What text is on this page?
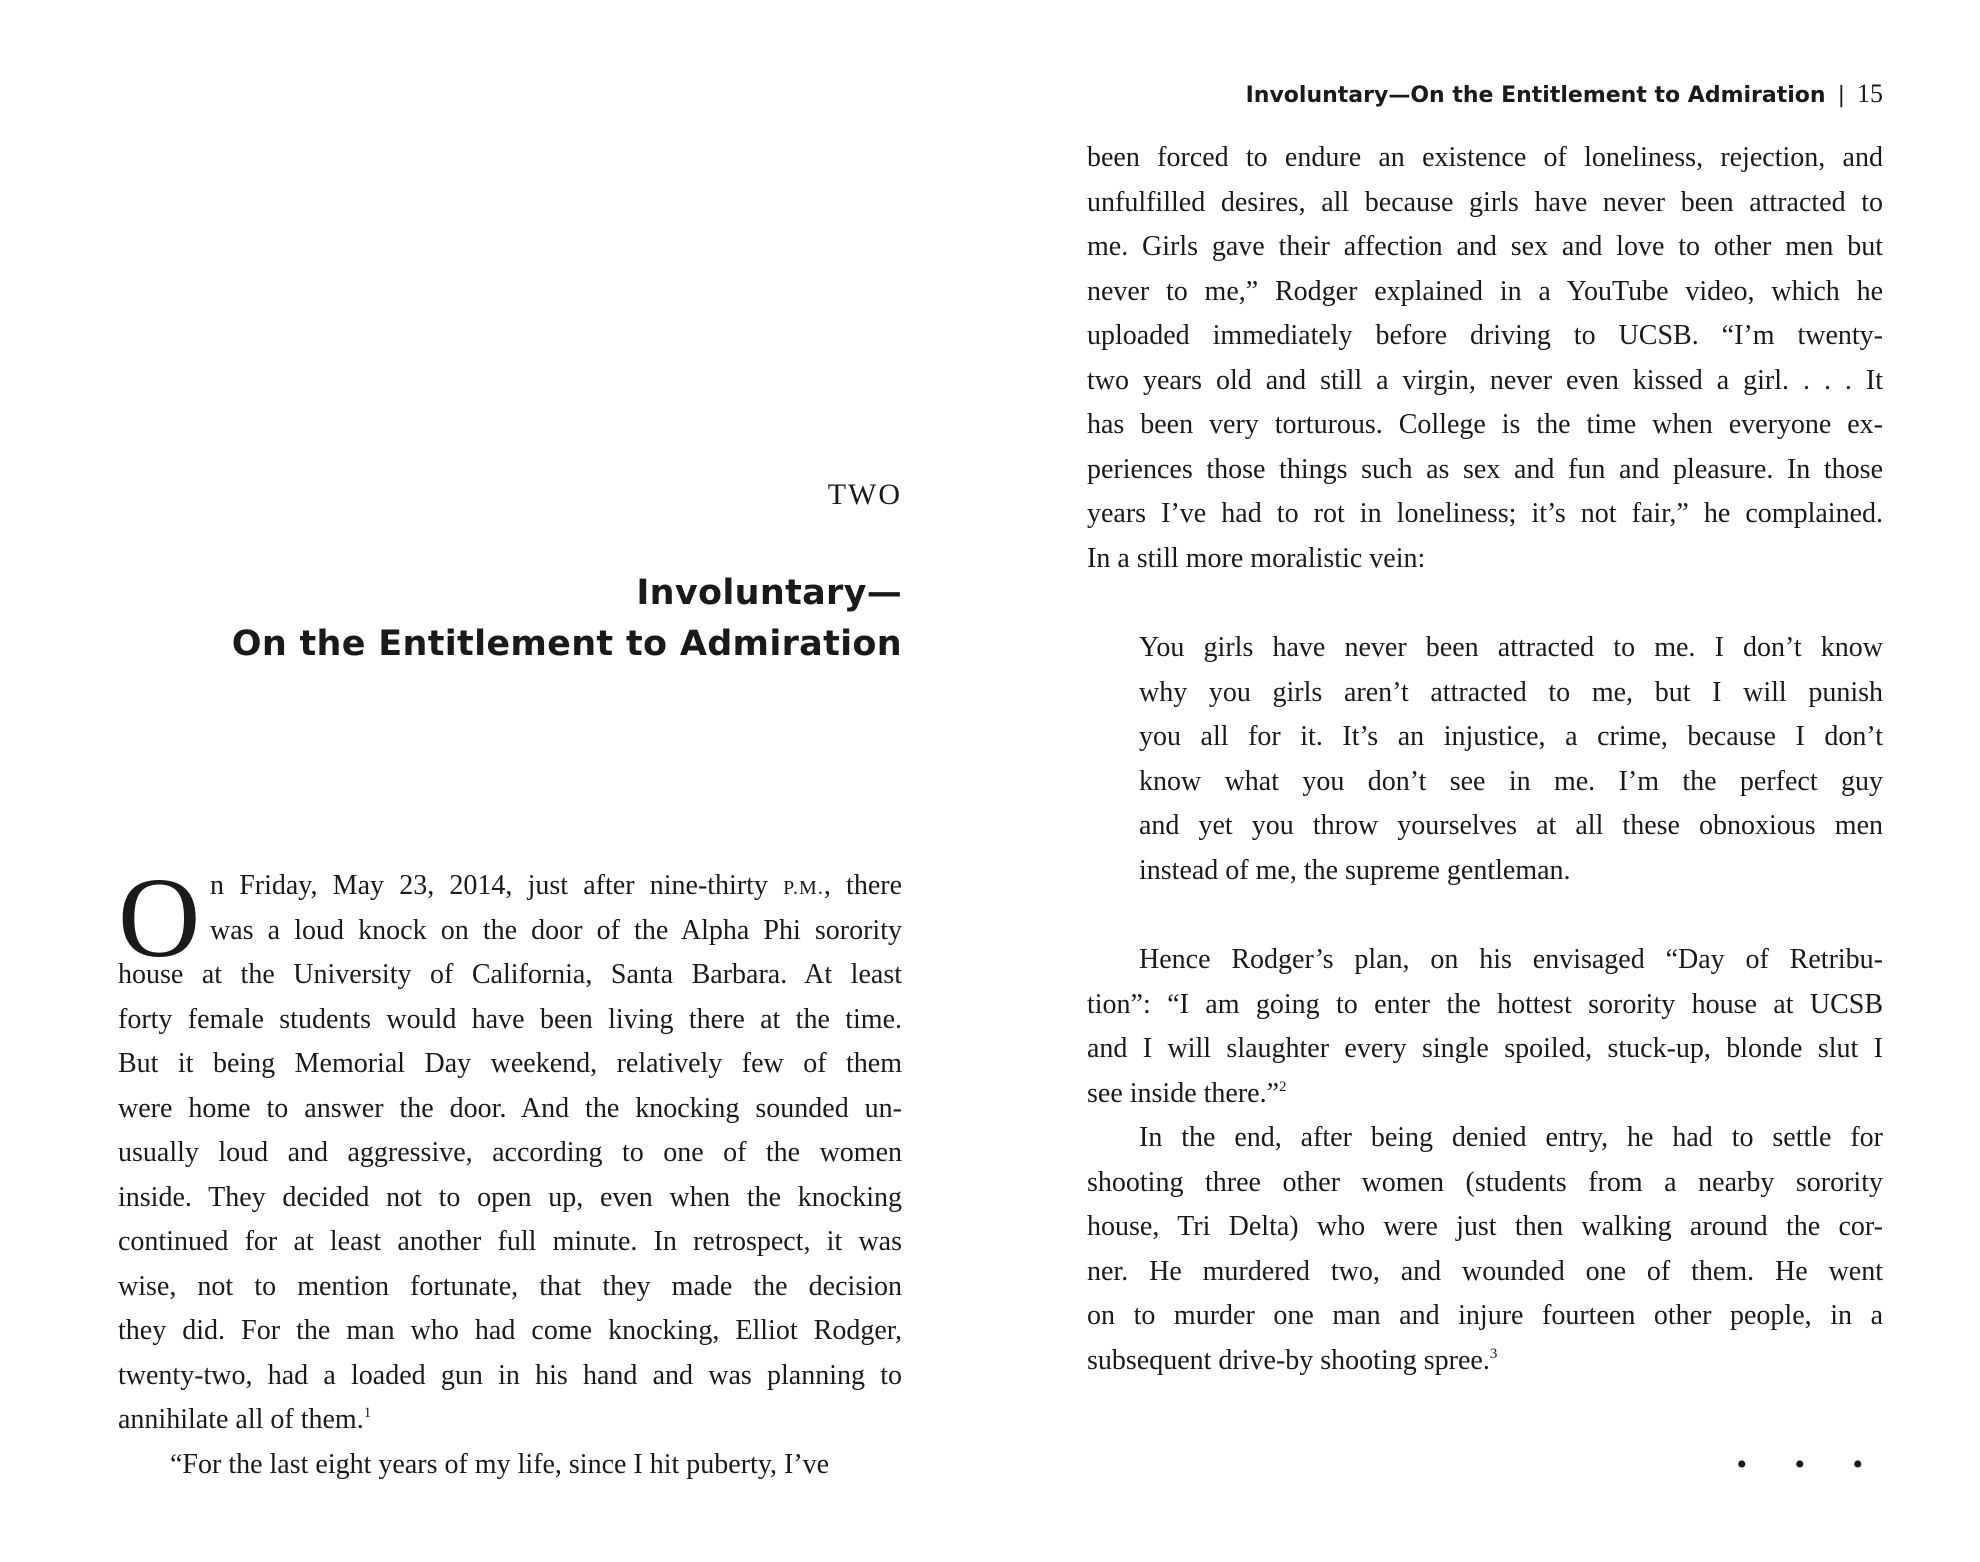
TWO
Involuntary—
On the Entitlement to Admiration
O n Friday, May 23, 2014, just after nine-thirty P.M., there
was a loud knock on the door of the Alpha Phi sorority
house at the University of California, Santa Barbara. At least
forty female students would have been living there at the time.
But it being Memorial Day weekend, relatively few of them
were home to answer the door. And the knocking sounded un-
usually loud and aggressive, according to one of the women
inside. They decided not to open up, even when the knocking
continued for at least another full minute. In retrospect, it was
wise, not to mention fortunate, that they made the decision
they did. For the man who had come knocking, Elliot Rodger,
twenty-two, had a loaded gun in his hand and was planning to
annihilate all of them.$^1$
“For the last eight years of my life, since I hit puberty, I’ve
Involuntary—On the Entitlement to Admiration | 15
been forced to endure an existence of loneliness, rejection, and
unfulfilled desires, all because girls have never been attracted to
me. Girls gave their affection and sex and love to other men but
never to me,” Rodger explained in a YouTube video, which he
uploaded immediately before driving to UCSB. “I’m twenty-
two years old and still a virgin, never even kissed a girl. . . . It
has been very torturous. College is the time when everyone ex-
periences those things such as sex and fun and pleasure. In those
years I’ve had to rot in loneliness; it’s not fair,” he complained.
In a still more moralistic vein:
You girls have never been attracted to me. I don’t know
why you girls aren’t attracted to me, but I will punish
you all for it. It’s an injustice, a crime, because I don’t
know what you don’t see in me. I’m the perfect guy
and yet you throw yourselves at all these obnoxious men
instead of me, the supreme gentleman.
Hence Rodger’s plan, on his envisaged “Day of Retribu-
tion”: “I am going to enter the hottest sorority house at UCSB
and I will slaughter every single spoiled, stuck-up, blonde slut I
see inside there.”$^2$
In the end, after being denied entry, he had to settle for
shooting three other women (students from a nearby sorority
house, Tri Delta) who were just then walking around the cor-
ner. He murdered two, and wounded one of them. He went
on to murder one man and injure fourteen other people, in a
subsequent drive-by shooting spree.$^3$
• • •
